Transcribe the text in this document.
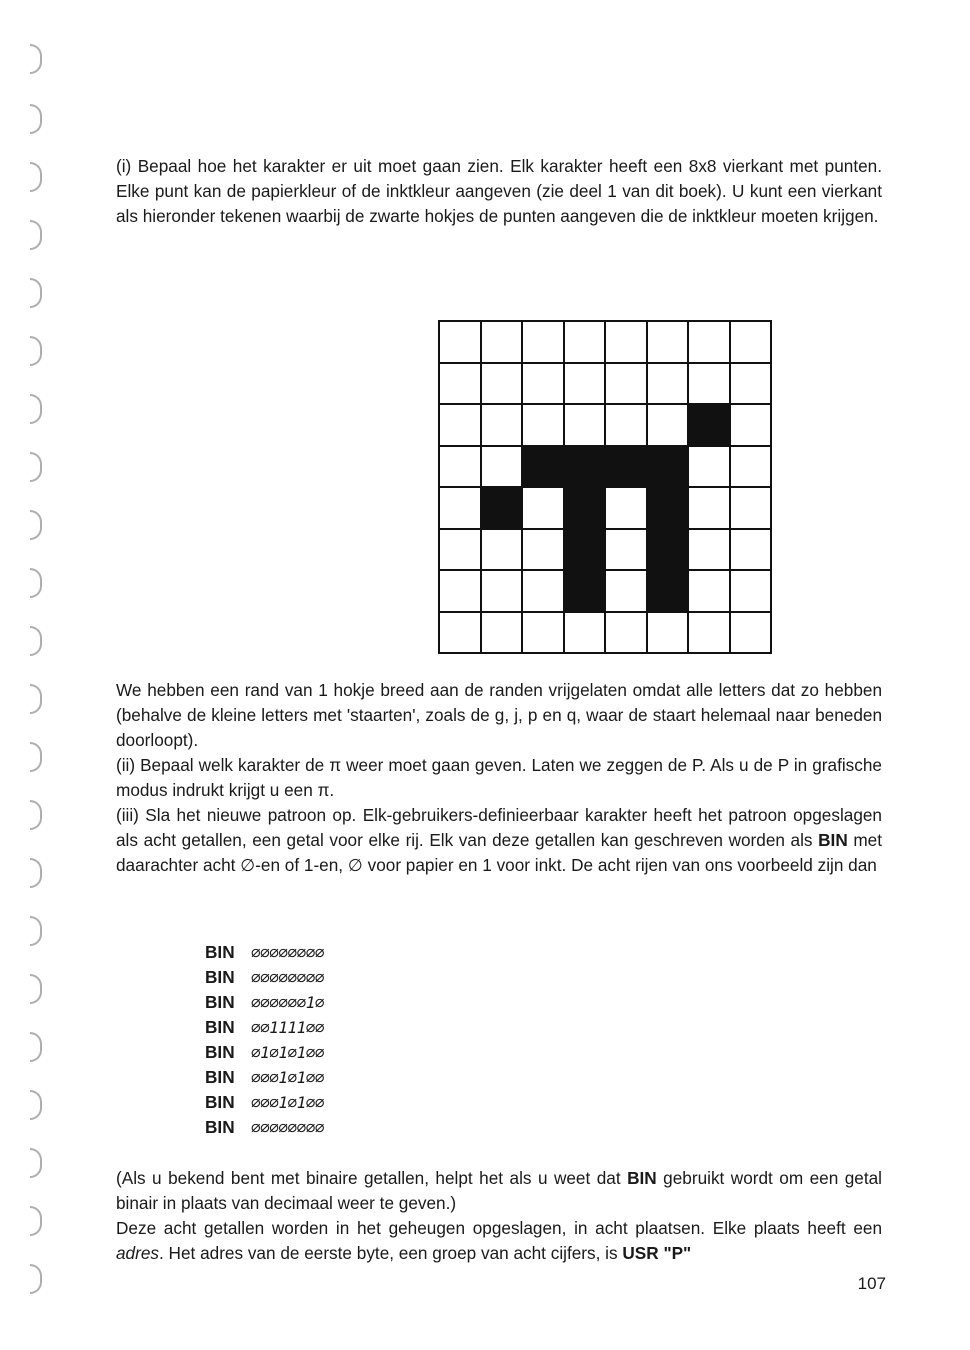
(i) Bepaal hoe het karakter er uit moet gaan zien. Elk karakter heeft een 8x8 vierkant met punten. Elke punt kan de papierkleur of de inktkleur aangeven (zie deel 1 van dit boek). U kunt een vierkant als hieronder tekenen waarbij de zwarte hokjes de punten aangeven die de inktkleur moeten krijgen.

We hebben een rand van 1 hokje breed aan de randen vrijgelaten omdat alle letters dat zo hebben (behalve de kleine letters met 'staarten', zoals de g, j, p en q, waar de staart helemaal naar beneden doorloopt).
(ii) Bepaal welk karakter de π weer moet gaan geven. Laten we zeggen de P. Als u de P in grafische modus indrukt krijgt u een π.
(iii) Sla het nieuwe patroon op. Elk-gebruikers-definieerbaar karakter heeft het patroon opgeslagen als acht getallen, een getal voor elke rij. Elk van deze getallen kan geschreven worden als BIN met daarachter acht ∅-en of 1-en, ∅ voor papier en 1 voor inkt. De acht rijen van ons voorbeeld zijn dan

BIN ∅∅∅∅∅∅∅∅
BIN ∅∅∅∅∅∅∅∅
BIN ∅∅∅∅∅∅1∅
BIN ∅∅1111∅∅
BIN ∅1∅1∅1∅∅
BIN ∅∅∅1∅1∅∅
BIN ∅∅∅1∅1∅∅
BIN ∅∅∅∅∅∅∅∅

(Als u bekend bent met binaire getallen, helpt het als u weet dat BIN gebruikt wordt om een getal binair in plaats van decimaal weer te geven.)
Deze acht getallen worden in het geheugen opgeslagen, in acht plaatsen. Elke plaats heeft een adres. Het adres van de eerste byte, een groep van acht cijfers, is USR "P"

107
